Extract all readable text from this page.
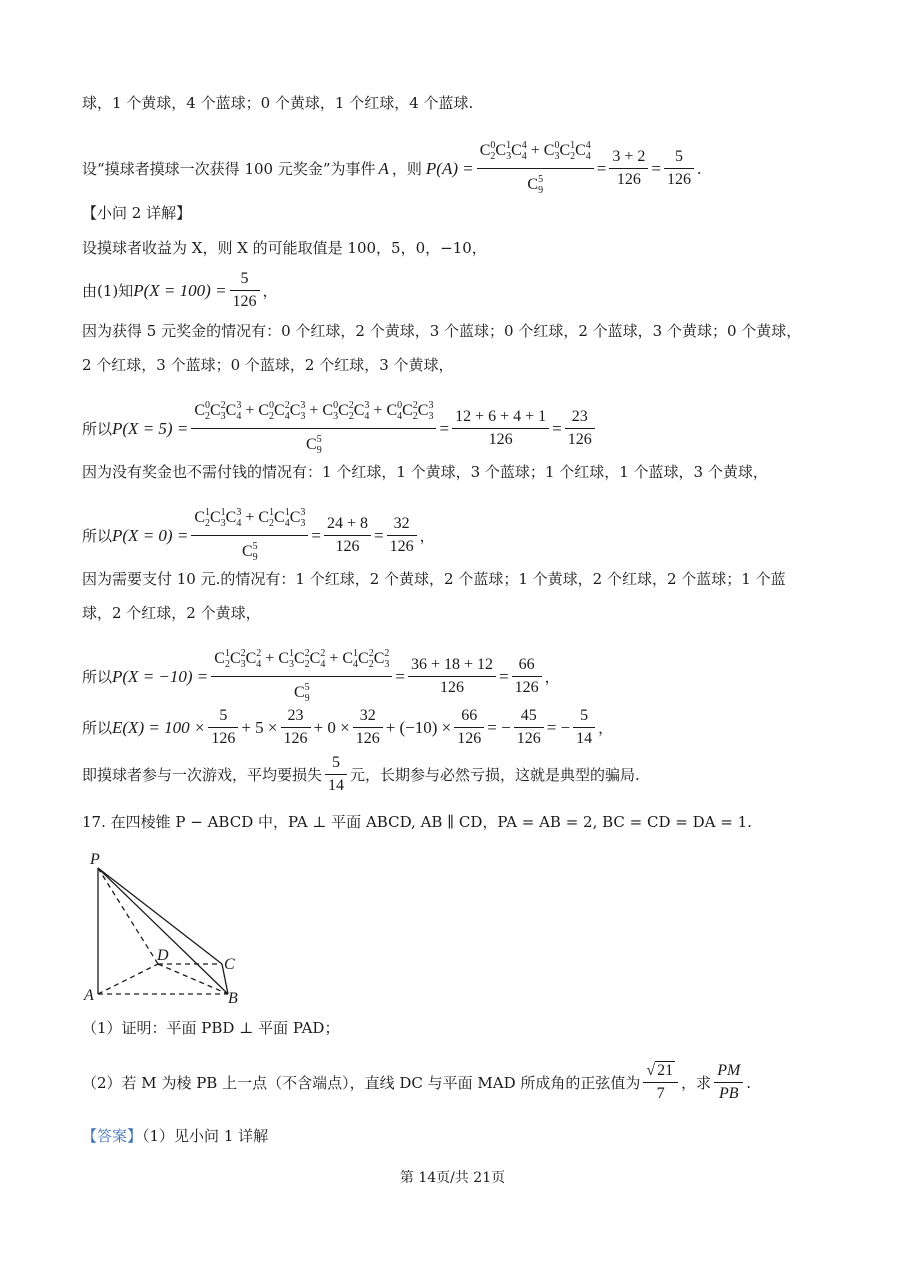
球，1 个黄球，4 个蓝球；0 个黄球，1 个红球，4 个蓝球.
设“摸球者摸球一次获得 100 元奖金”为事件 A ，则 $P(A) = \frac{C_2^0C_3^1C_4^4 + C_3^0C_2^1C_4^4}{C_9^5} = \frac{3 + 2}{126} = \frac{5}{126}$ .
【小问 2 详解】
设摸球者收益为 X，则 X 的可能取值是 100，5，0，−10，
由(1)知 $P(X = 100) = \frac{5}{126}$ ，
因为获得 5 元奖金的情况有：0 个红球，2 个黄球，3 个蓝球；0 个红球，2 个蓝球，3 个黄球；0 个黄球，
2 个红球，3 个蓝球；0 个蓝球，2 个红球，3 个黄球，
所以 $P(X = 5) = \frac{C_2^0C_3^2C_4^3 + C_2^0C_4^2C_3^3 + C_3^0C_2^2C_4^3 + C_4^0C_2^2C_3^3}{C_9^5} = \frac{12 + 6 + 4 + 1}{126} = \frac{23}{126}$
因为没有奖金也不需付钱的情况有：1 个红球，1 个黄球，3 个蓝球；1 个红球，1 个蓝球，3 个黄球，
所以 $P(X = 0) = \frac{C_2^1C_3^1C_4^3 + C_2^1C_4^1C_3^3}{C_9^5} = \frac{24 + 8}{126} = \frac{32}{126}$ ，
因为需要支付 10 元.的情况有：1 个红球，2 个黄球，2 个蓝球；1 个黄球，2 个红球，2 个蓝球；1 个蓝
球，2 个红球，2 个黄球，
所以 $P(X = -10) = \frac{C_2^1C_3^2C_4^2 + C_3^1C_2^2C_4^2 + C_4^1C_2^2C_3^2}{C_9^5} = \frac{36 + 18 + 12}{126} = \frac{66}{126}$ ，
所以 $E(X) = 100 \times \frac{5}{126} + 5 \times \frac{23}{126} + 0 \times \frac{32}{126} + (-10) \times \frac{66}{126}$ = − $\frac{45}{126}$ = − $\frac{5}{14}$ ，
即摸球者参与一次游戏，平均要损失 $\frac{5}{14}$ 元，长期参与必然亏损，这就是典型的骗局.
17. 在四棱锥 P − ABCD 中，PA ⊥ 平面 ABCD, AB ∥ CD，PA = AB = 2, BC = CD = DA = 1.
P
A	B
C
D
（1）证明：平面 PBD ⊥ 平面 PAD；
（2）若 M 为棱 PB 上一点（不含端点），直线 DC 与平面 MAD 所成角的正弦值为 $\frac{√ 21}{7}$ ，求 $\frac{PM}{PB}$ .
【答案】（1）见小问 1 详解
第 14页/共 21页
